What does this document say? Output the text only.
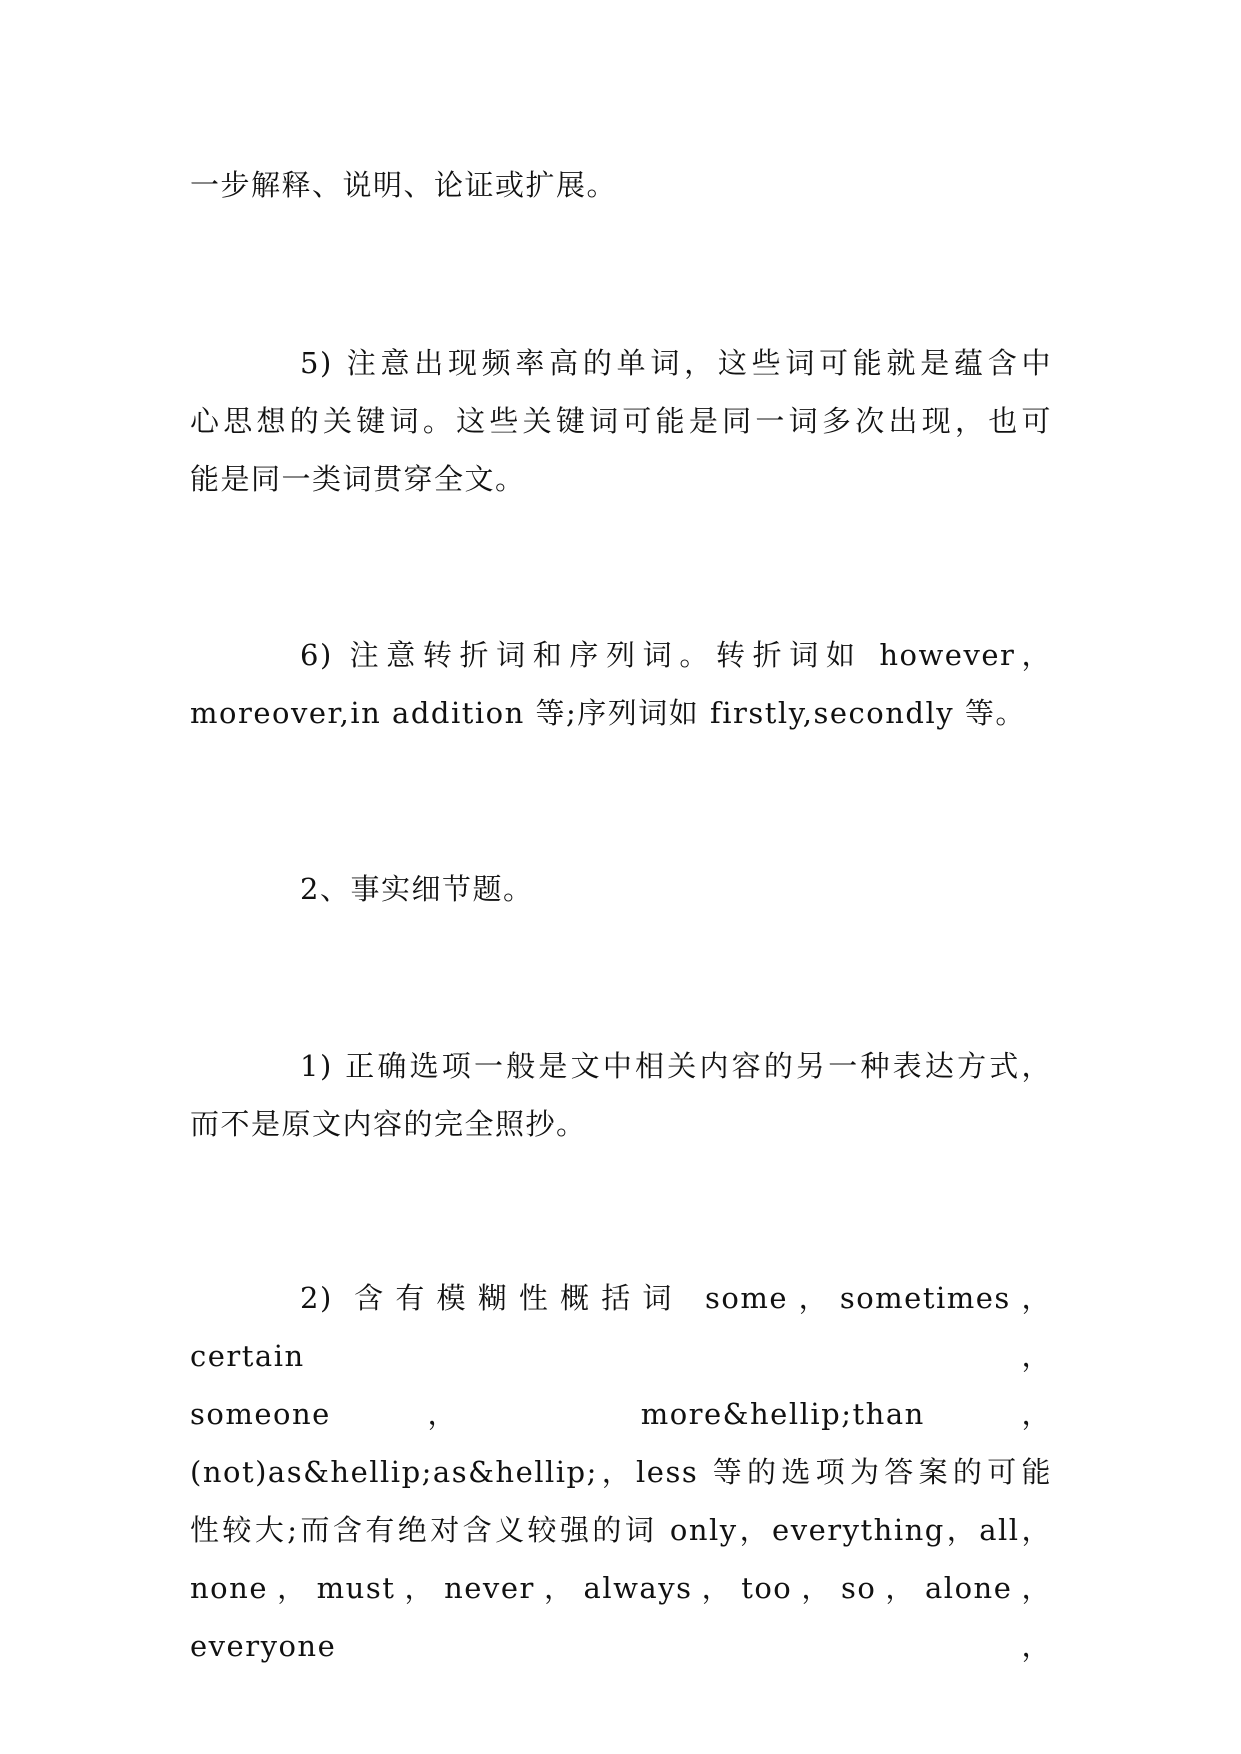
一步解释、说明、论证或扩展。

5) 注意出现频率高的单词，这些词可能就是蕴含中
心思想的关键词。这些关键词可能是同一词多次出现，也可
能是同一类词贯穿全文。

6) 注意转折词和序列词。转折词如 however，
moreover,in addition 等;序列词如 firstly,secondly 等。

2、事实细节题。

1) 正确选项一般是文中相关内容的另一种表达方式，
而不是原文内容的完全照抄。

2) 含有模糊性概括词 some，sometimes，certain，
someone ， more&hellip;than ，
(not)as&hellip;as&hellip;，less 等的选项为答案的可能
性较大;而含有绝对含义较强的词 only，everything，all，
none，must，never，always，too，so，alone，everyone，
